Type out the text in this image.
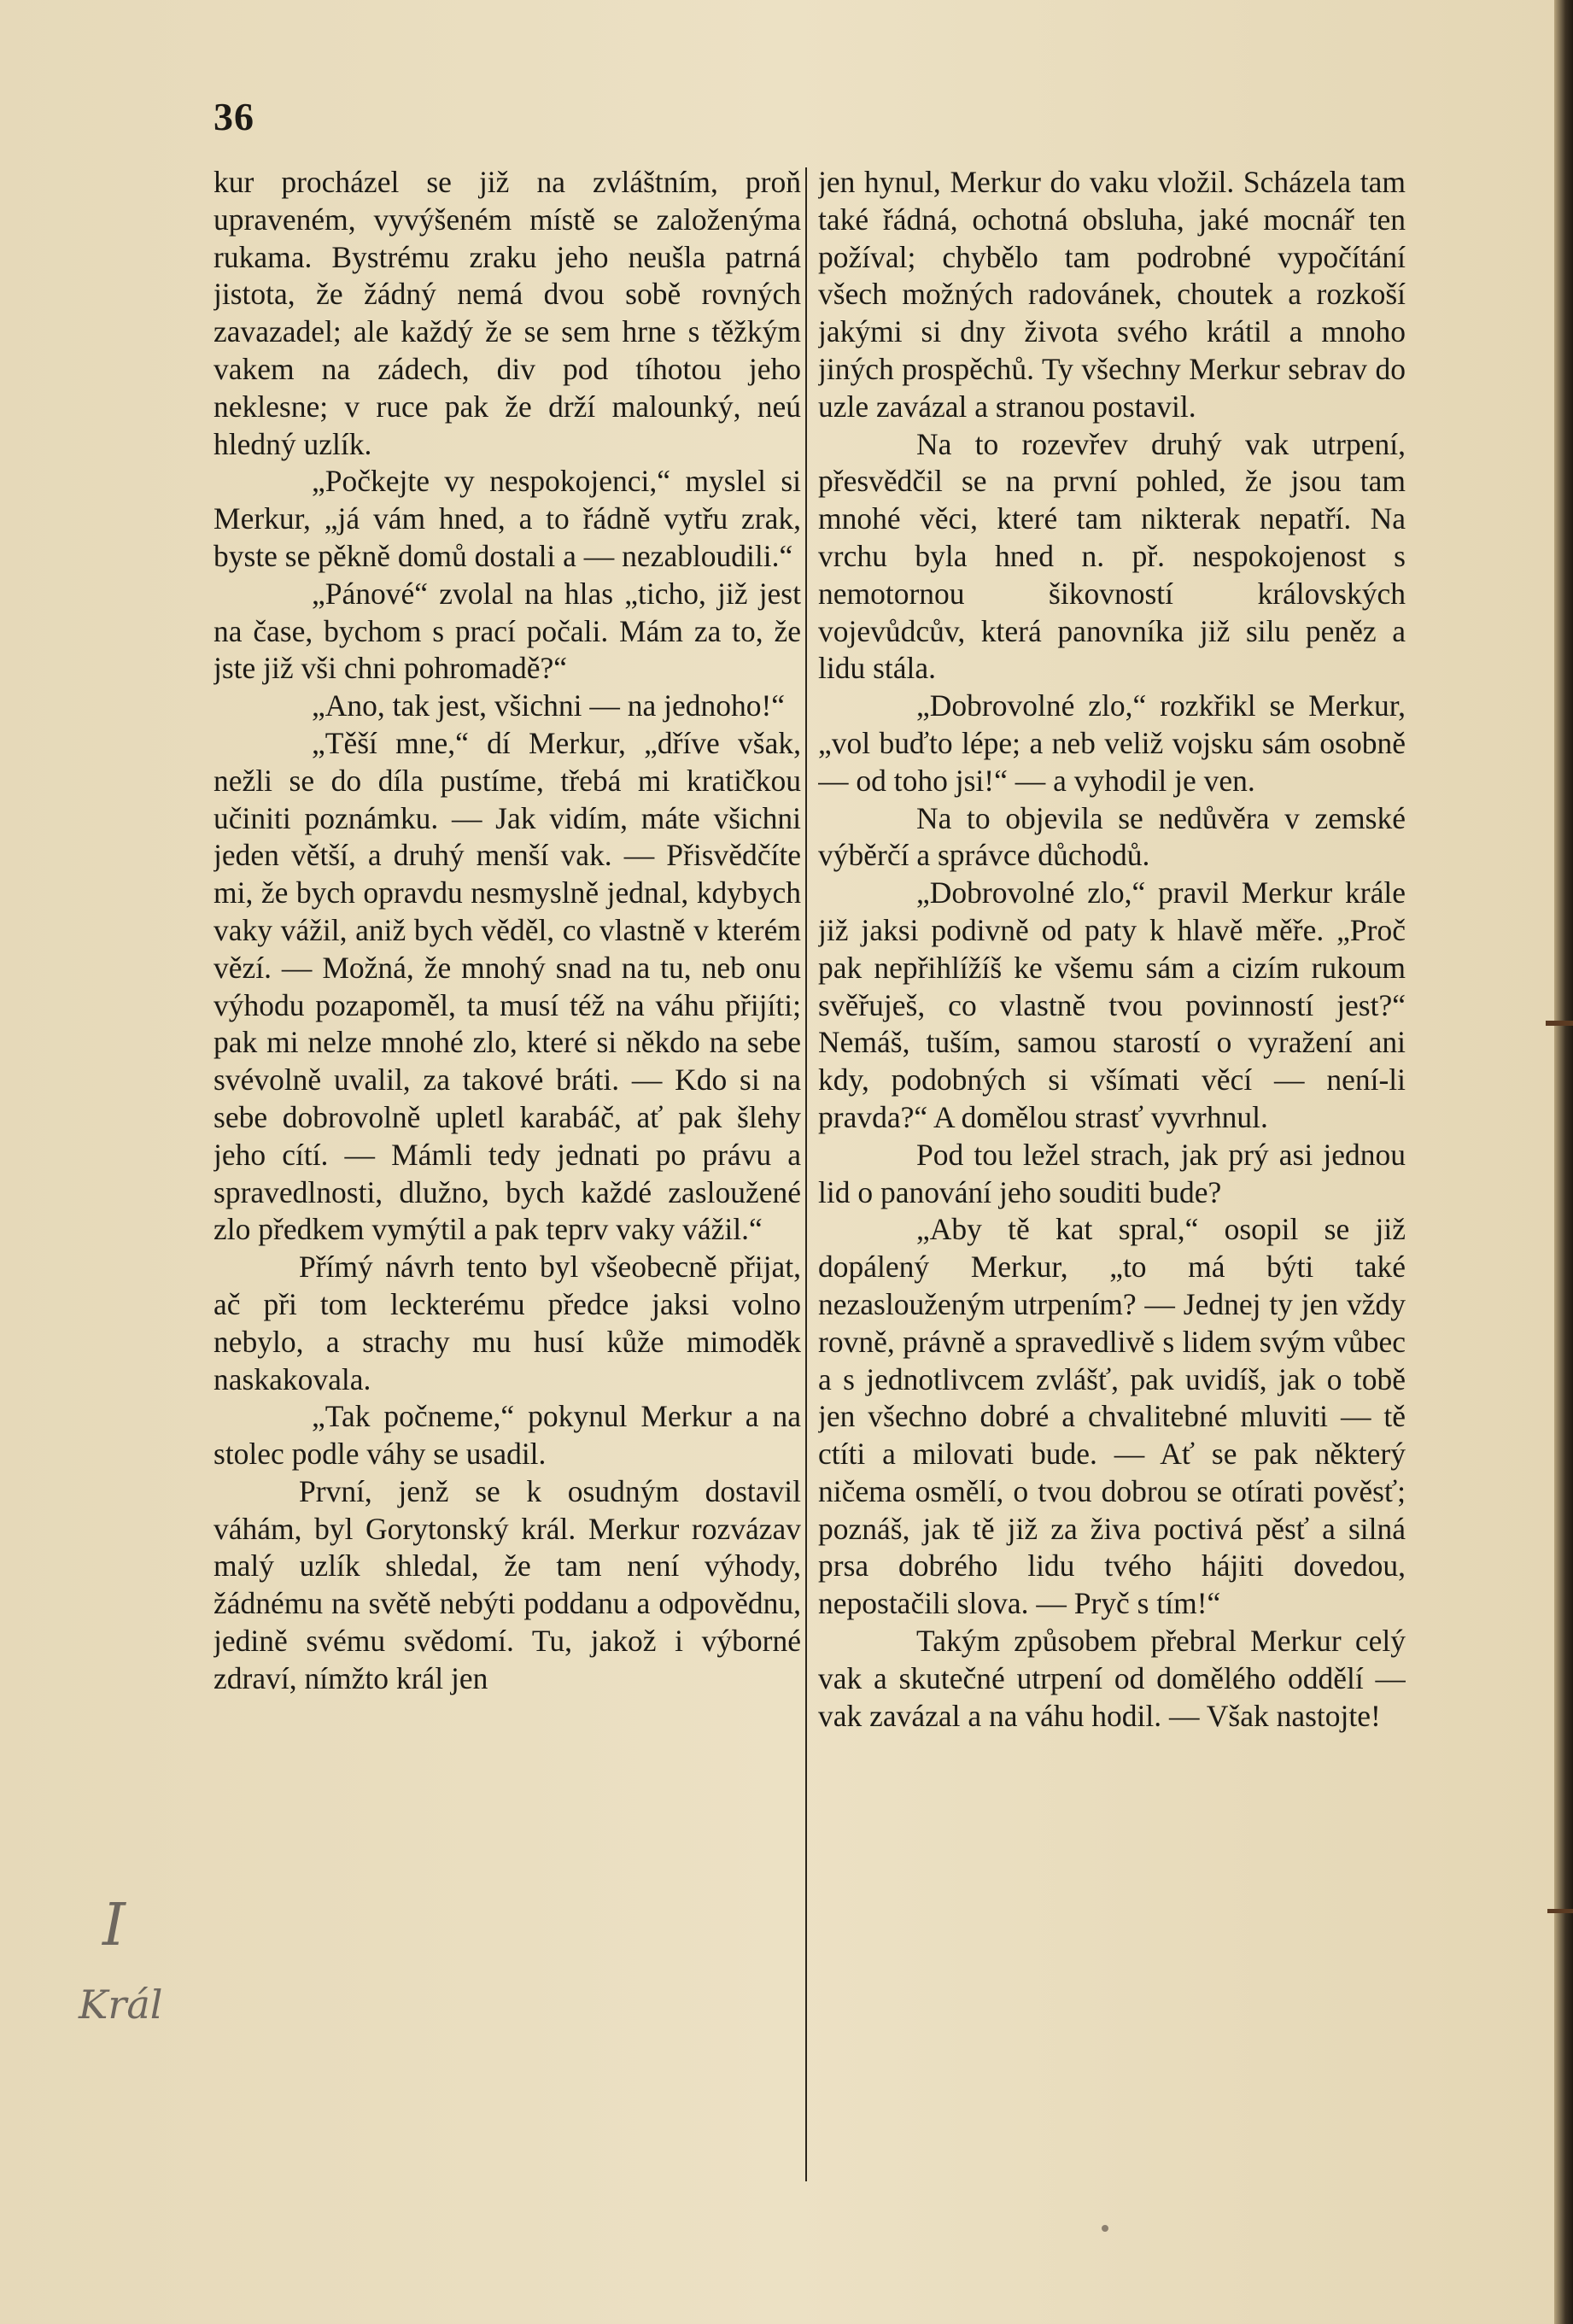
36

kur procházel se již na zvláštním, proň upraveném, vyvýšeném místě se založenýma rukama. Bystrému zraku jeho neušla patrná jistota, že žádný nemá dvou sobě rovných zavazadel; ale každý že se sem hrne s těžkým vakem na zádech, div pod tíhotou jeho neklesne; v ruce pak že drží malounký, neú hledný uzlík.

„Počkejte vy nespokojenci,“ myslel si Merkur, „já vám hned, a to řádně vytřu zrak, byste se pěkně domů dostali a — nezabloudili.“

„Pánové“ zvolal na hlas „ticho, již jest na čase, bychom s prací počali. Mám za to, že jste již vši chni pohromadě?“

„Ano, tak jest, všichni — na jednoho!“

„Těší mne,“ dí Merkur, „dříve však, nežli se do díla pustíme, třebá mi kratičkou učiniti poznámku. — Jak vidím, máte všichni jeden větší, a druhý menší vak. — Přisvědčíte mi, že bych opravdu nesmyslně jednal, kdybych vaky vážil, aniž bych věděl, co vlastně v kterém vězí. — Možná, že mnohý snad na tu, neb onu výhodu pozapoměl, ta musí též na váhu přijíti; pak mi nelze mnohé zlo, které si někdo na sebe svévolně uvalil, za takové bráti. — Kdo si na sebe dobrovolně upletl karabáč, ať pak šlehy jeho cítí. — Mámli tedy jednati po právu a spravedlnosti, dlužno, bych každé zasloužené zlo předkem vymýtil a pak teprv vaky vážil.“

Přímý návrh tento byl všeobecně přijat, ač při tom leckterému předce jaksi volno nebylo, a strachy mu husí kůže mimoděk naskakovala.

„Tak počneme,“ pokynul Merkur a na stolec podle váhy se usadil.

První, jenž se k osudným dostavil váhám, byl Gorytonský král. Merkur rozvázav malý uzlík shledal, že tam není výhody, žádnému na světě nebýti poddanu a odpovědnu, jedině svému svědomí. Tu, jakož i výborné zdraví, nímžto král jen

jen hynul, Merkur do vaku vložil. Scházela tam také řádná, ochotná obsluha, jaké mocnář ten požíval; chybělo tam podrobné vypočítání všech možných radovánek, choutek a rozkoší jakými si dny života svého krátil a mnoho jiných prospěchů. Ty všechny Merkur sebrav do uzle zavázal a stranou postavil.

Na to rozevřev druhý vak utrpení, přesvědčil se na první pohled, že jsou tam mnohé věci, které tam nikterak nepatří. Na vrchu byla hned n. př. nespokojenost s nemotornou šikovností královských vojevůdcův, která panovníka již silu peněz a lidu stála.

„Dobrovolné zlo,“ rozkřikl se Merkur, „vol buďto lépe; a neb veliž vojsku sám osobně — od toho jsi!“ — a vyhodil je ven.

Na to objevila se nedůvěra v zemské výběrčí a správce důchodů.

„Dobrovolné zlo,“ pravil Merkur krále již jaksi podivně od paty k hlavě měře. „Proč pak nepřihlížíš ke všemu sám a cizím rukoum svěřuješ, co vlastně tvou povinností jest?“ Nemáš, tuším, samou starostí o vyražení ani kdy, podobných si všímati věcí — není-li pravda?“ A domělou strasť vyvrhnul.

Pod tou ležel strach, jak prý asi jednou lid o panování jeho souditi bude?

„Aby tě kat spral,“ osopil se již dopálený Merkur, „to má býti také nezaslouženým utrpením? — Jednej ty jen vždy rovně, právně a spravedlivě s lidem svým vůbec a s jednotlivcem zvlášť, pak uvidíš, jak o tobě jen všechno dobré a chvalitebné mluviti — tě ctíti a milovati bude. — Ať se pak některý ničema osmělí, o tvou dobrou se otírati pověsť; poznáš, jak tě již za živa poctivá pěsť a silná prsa dobrého lidu tvého hájiti dovedou, nepostačili slova. — Pryč s tím!“

Takým způsobem přebral Merkur celý vak a skutečné utrpení od domělého oddělí — vak zavázal a na váhu hodil. — Však nastojte!

I
Král
